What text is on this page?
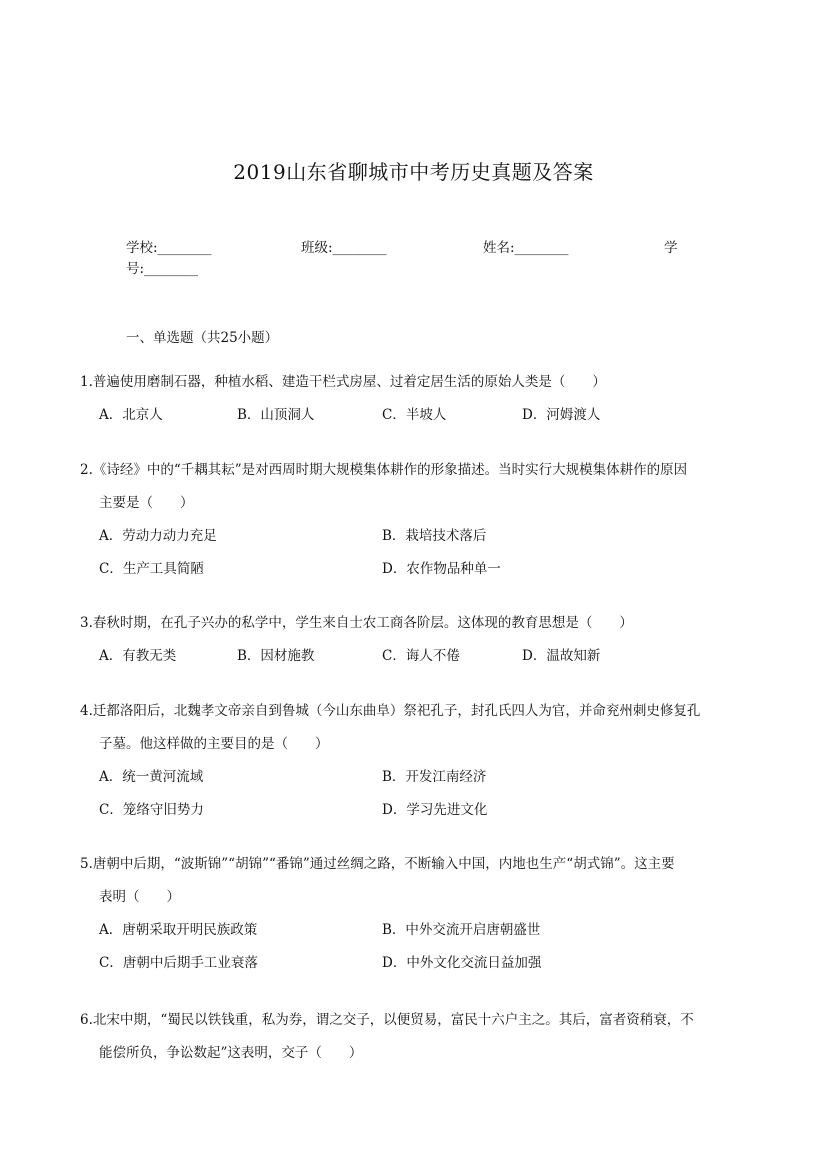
2019山东省聊城市中考历史真题及答案
学校:________	班级:________	姓名:________	学
号:________
一、单选题（共25小题）
1.普遍使用磨制石器，种植水稻、建造干栏式房屋、过着定居生活的原始人类是（　　）
A．北京人	B．山顶洞人	C．半坡人	D．河姆渡人
2.《诗经》中的“千耦其耘”是对西周时期大规模集体耕作的形象描述。当时实行大规模集体耕作的原因
主要是（　　）
A．劳动力动力充足	B．栽培技术落后
C．生产工具简陋	D．农作物品种单一
3.春秋时期，在孔子兴办的私学中，学生来自士农工商各阶层。这体现的教育思想是（　　）
A．有教无类	B．因材施教	C．诲人不倦	D．温故知新
4.迁都洛阳后，北魏孝文帝亲自到鲁城（今山东曲阜）祭祀孔子，封孔氏四人为官，并命兖州刺史修复孔
子墓。他这样做的主要目的是（　　）
A．统一黄河流域	B．开发江南经济
C．笼络守旧势力	D．学习先进文化
5.唐朝中后期，“波斯锦”“胡锦”“番锦”通过丝绸之路，不断输入中国，内地也生产“胡式锦”。这主要
表明（　　）
A．唐朝采取开明民族政策	B．中外交流开启唐朝盛世
C．唐朝中后期手工业衰落	D．中外文化交流日益加强
6.北宋中期，“蜀民以铁钱重，私为券，谓之交子，以便贸易，富民十六户主之。其后，富者资稍衰，不
能偿所负，争讼数起”这表明，交子（　　）
